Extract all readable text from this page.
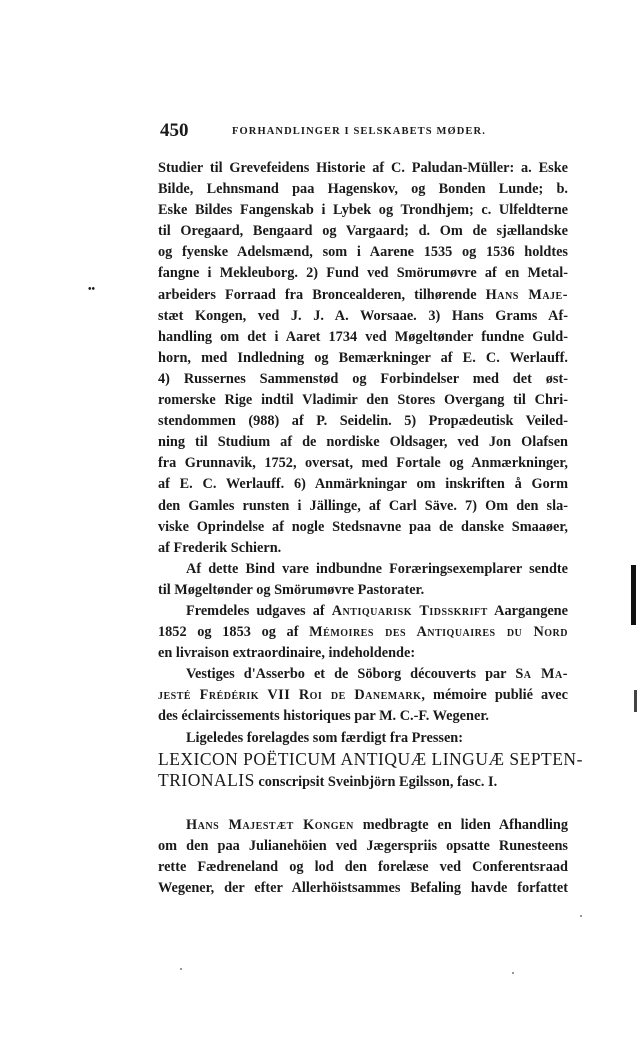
450	FORHANDLINGER I SELSKABETS MØDER.
••

Studier til Grevefeidens Historie af C. Paludan-Müller: a. Eske
Bilde, Lehnsmand paa Hagenskov, og Bonden Lunde; b.
Eske Bildes Fangenskab i Lybek og Trondhjem; c. Ulfeldterne
til Oregaard, Bengaard og Vargaard; d. Om de sjællandske
og fyenske Adelsmænd, som i Aarene 1535 og 1536 holdtes
fangne i Mekleuborg. 2) Fund ved Smörumøvre af en Metal-
arbeiders Forraad fra Broncealderen, tilhørende Hans Maje-
stæt Kongen, ved J. J. A. Worsaae. 3) Hans Grams Af-
handling om det i Aaret 1734 ved Møgeltønder fundne Guld-
horn, med Indledning og Bemærkninger af E. C. Werlauff.
4) Russernes Sammenstød og Forbindelser med det øst-
romerske Rige indtil Vladimir den Stores Overgang til Chri-
stendommen (988) af P. Seidelin. 5) Propædeutisk Veiled-
ning til Studium af de nordiske Oldsager, ved Jon Olafsen
fra Grunnavik, 1752, oversat, med Fortale og Anmærkninger,
af E. C. Werlauff. 6) Anmärkningar om inskriften å Gorm
den Gamles runsten i Jällinge, af Carl Säve. 7) Om den sla-
viske Oprindelse af nogle Stedsnavne paa de danske Smaaøer,
af Frederik Schiern.

Af dette Bind vare indbundne Foræringsexemplarer sendte
til Møgeltønder og Smörumøvre Pastorater.

Fremdeles udgaves af Antiquarisk Tidsskrift Aargangene
1852 og 1853 og af Mémoires des Antiquaires du Nord
en livraison extraordinaire, indeholdende:

Vestiges d'Asserbo et de Söborg découverts par Sa Ma-
jesté Frédérik VII Roi de Danemark, mémoire publié avec
des éclaircissements historiques par M. C.-F. Wegener.

Ligeledes forelagdes som færdigt fra Pressen:

LEXICON POËTICUM ANTIQUÆ LINGUÆ SEPTEN-
TRIONALIS conscripsit Sveinbjörn Egilsson, fasc. I.

Hans Majestæt Kongen medbragte en liden Afhandling
om den paa Julianehöien ved Jægerspriis opsatte Runesteens
rette Fædreneland og lod den forelæse ved Conferentsraad
Wegener, der efter Allerhöistsammes Befaling havde forfattet
